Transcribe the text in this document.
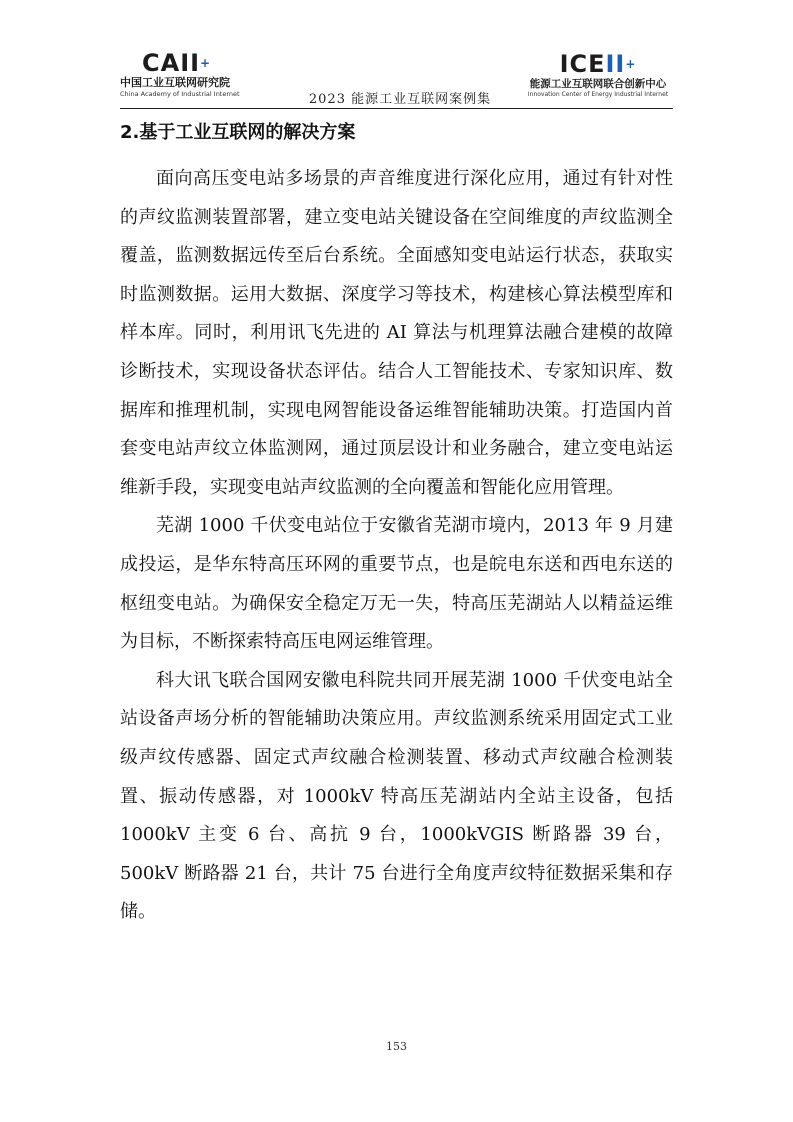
CAII+
中国工业互联网研究院
China Academy of Industrial Internet	2023 能源工业互联网案例集
ICEII+
能源工业互联网联合创新中心
Innovation Center of Energy Industrial Internet
2.基于工业互联网的解决方案

面向高压变电站多场景的声音维度进行深化应用，通过有针对性的声纹监测装置部署，建立变电站关键设备在空间维度的声纹监测全覆盖，监测数据远传至后台系统。全面感知变电站运行状态，获取实时监测数据。运用大数据、深度学习等技术，构建核心算法模型库和样本库。同时，利用讯飞先进的 AI 算法与机理算法融合建模的故障诊断技术，实现设备状态评估。结合人工智能技术、专家知识库、数据库和推理机制，实现电网智能设备运维智能辅助决策。打造国内首套变电站声纹立体监测网，通过顶层设计和业务融合，建立变电站运维新手段，实现变电站声纹监测的全向覆盖和智能化应用管理。

芜湖 1000 千伏变电站位于安徽省芜湖市境内，2013 年 9 月建成投运，是华东特高压环网的重要节点，也是皖电东送和西电东送的枢纽变电站。为确保安全稳定万无一失，特高压芜湖站人以精益运维为目标，不断探索特高压电网运维管理。

科大讯飞联合国网安徽电科院共同开展芜湖 1000 千伏变电站全站设备声场分析的智能辅助决策应用。声纹监测系统采用固定式工业级声纹传感器、固定式声纹融合检测装置、移动式声纹融合检测装置、振动传感器，对 1000kV 特高压芜湖站内全站主设备，包括 1000kV 主变 6 台、高抗 9 台，1000kVGIS 断路器 39 台，500kV 断路器 21 台，共计 75 台进行全角度声纹特征数据采集和存储。

153
